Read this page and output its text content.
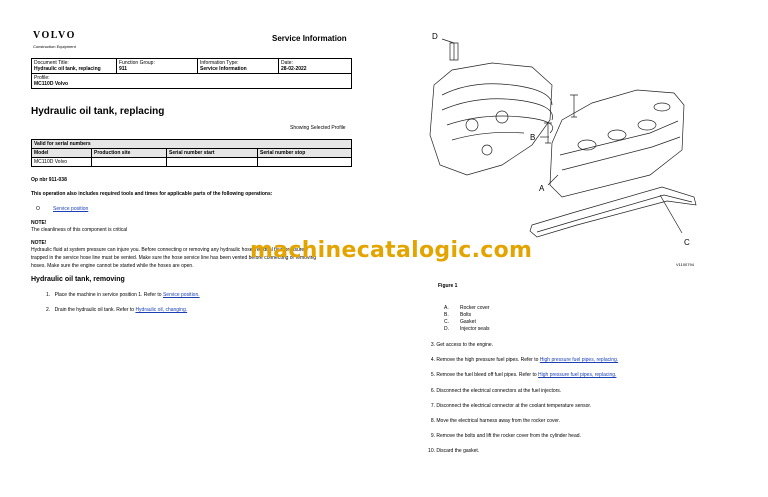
VOLVO
Construction Equipment
Service Information
Document Title:
Hydraulic oil tank, replacing

Function Group:
911

Information Type:
Service Information

Date:
28-02-2022

Profile:
MC110D Volvo
Hydraulic oil tank, replacing
Showing Selected Profile
Valid for serial numbers			
Model	Production site	Serial number start	Serial number stop
MC110D Volvo			
Op nbr 911-038
This operation also includes required tools and times for applicable parts of the following operations:
O	Service position
NOTE!
The cleanliness of this component is critical
NOTE!
Hydraulic fluid at system pressure can injure you. Before connecting or removing any hydraulic hose, residual fluid pressure
trapped in the service hose line must be vented. Make sure the hose service line has been vented before connecting or removing
hoses. Make sure the engine cannot be started while the hoses are open.
Hydraulic oil tank, removing
1. Place the machine in service position 1. Refer to Service position.
2. Drain the hydraulic oil tank. Refer to Hydraulic oil, changing.
D
B
A
C
V1100794
machinecatalogic.com
Figure 1
A. Rocker cover
B. Bolts
C. Gasket
D. Injector seals
3. Get access to the engine.
4. Remove the high pressure fuel pipes. Refer to High pressure fuel pipes, replacing.
5. Remove the fuel bleed off fuel pipes. Refer to High pressure fuel pipes, replacing.
6. Disconnect the electrical connectors at the fuel injectors.
7. Disconnect the electrical connector at the coolant temperature sensor.
8. Move the electrical harness away from the rocker cover.
9. Remove the bolts and lift the rocker cover from the cylinder head.
10. Discard the gasket.
